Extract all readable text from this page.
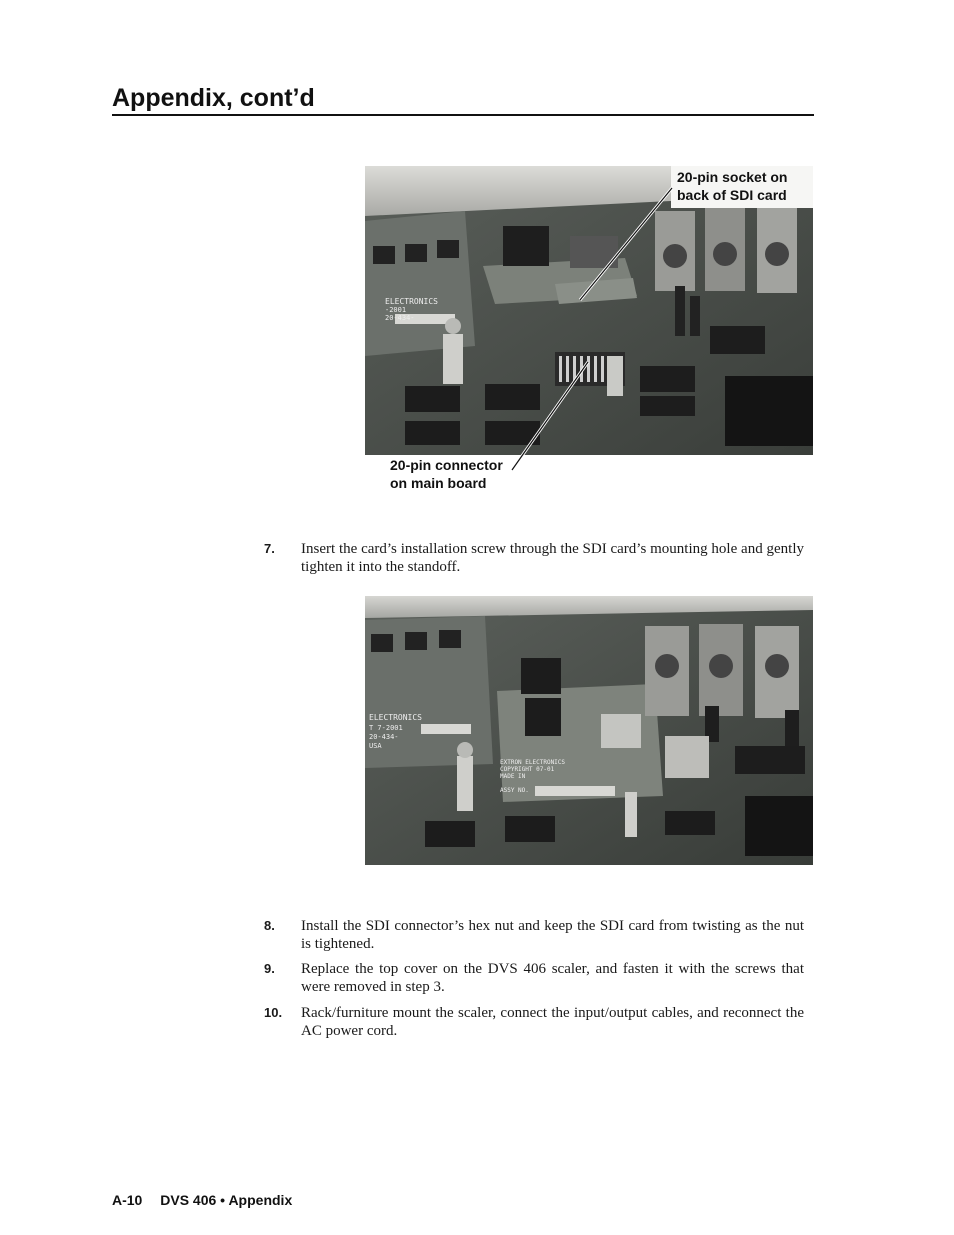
Appendix, cont’d
ELECTRONICS
-2001
20-434-
20-pin socket on
back of SDI card
20-pin connector
on main board
7. Insert the card’s installation screw through the SDI card’s mounting hole and gently tighten it into the standoff.
ELECTRONICS
T 7-2001
20-434-
USA
EXTRON ELECTRONICS
COPYRIGHT 07-01
MADE IN
ASSY NO.
8. Install the SDI connector’s hex nut and keep the SDI card from twisting as the nut is tightened.
9. Replace the top cover on the DVS 406 scaler, and fasten it with the screws that were removed in step 3.
10. Rack/furniture mount the scaler, connect the input/output cables, and reconnect the AC power cord.
A-10 DVS 406 • Appendix
